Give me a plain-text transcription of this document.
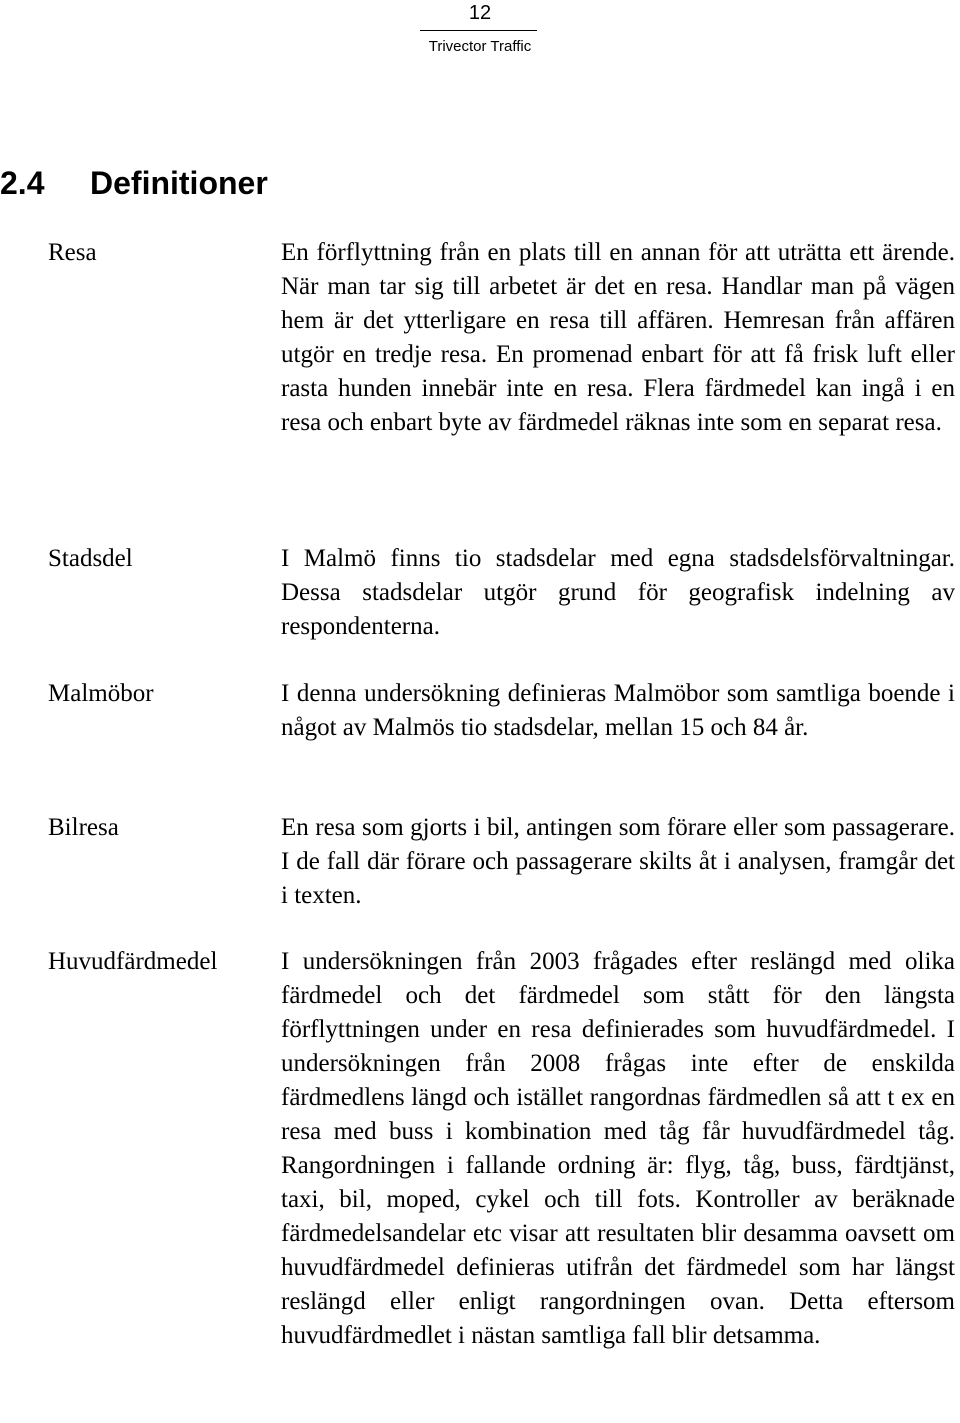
12
Trivector Traffic
2.4 Definitioner
Resa	En förflyttning från en plats till en annan för att uträtta ett ärende. När man tar sig till arbetet är det en resa. Handlar man på vägen hem är det ytterligare en resa till affären. Hemresan från affären utgör en tredje resa. En promenad enbart för att få frisk luft eller rasta hunden innebär inte en resa. Flera färdmedel kan ingå i en resa och enbart byte av färdmedel räknas inte som en separat resa.

Stadsdel	I Malmö finns tio stadsdelar med egna stadsdelsförvaltningar. Dessa stadsdelar utgör grund för geografisk indelning av respondenterna.

Malmöbor	I denna undersökning definieras Malmöbor som samtliga boende i något av Malmös tio stadsdelar, mellan 15 och 84 år.

Bilresa	En resa som gjorts i bil, antingen som förare eller som passagerare. I de fall där förare och passagerare skilts åt i analysen, framgår det i texten.

Huvudfärdmedel	I undersökningen från 2003 frågades efter reslängd med olika färdmedel och det färdmedel som stått för den längsta förflyttningen under en resa definierades som huvudfärdmedel. I undersökningen från 2008 frågas inte efter de enskilda färdmedlens längd och istället rangordnas färdmedlen så att t ex en resa med buss i kombination med tåg får huvudfärdmedel tåg. Rangordningen i fallande ordning är: flyg, tåg, buss, färdtjänst, taxi, bil, moped, cykel och till fots. Kontroller av beräknade färdmedelsandelar etc visar att resultaten blir desamma oavsett om huvudfärdmedel definieras utifrån det färdmedel som har längst reslängd eller enligt rangordningen ovan. Detta eftersom huvudfärdmedlet i nästan samtliga fall blir detsamma.
